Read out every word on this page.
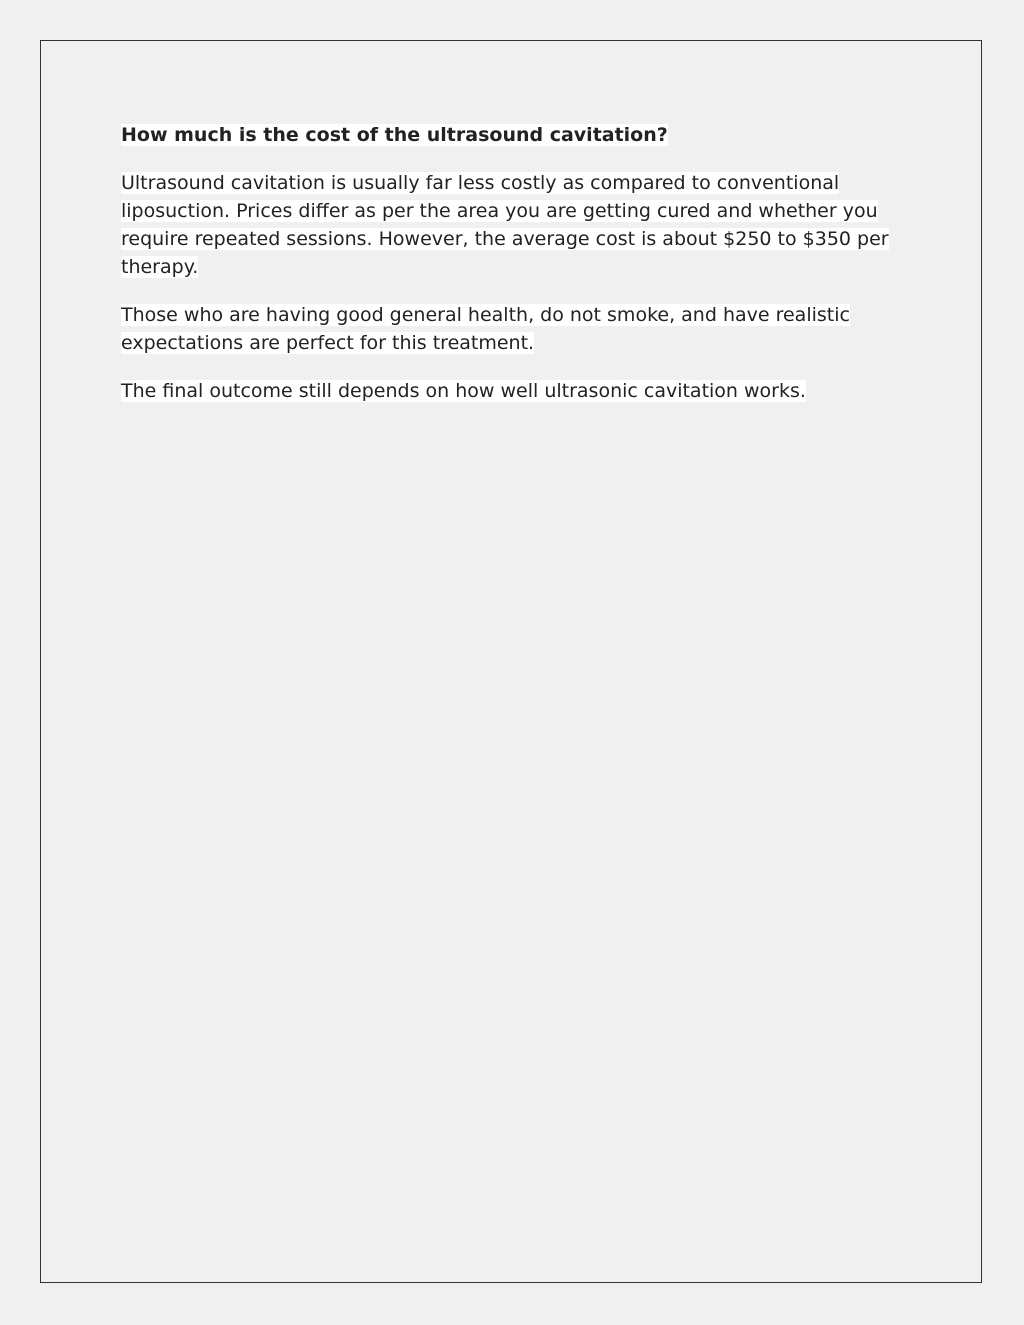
How much is the cost of the ultrasound cavitation?

Ultrasound cavitation is usually far less costly as compared to conventional liposuction. Prices differ as per the area you are getting cured and whether you require repeated sessions. However, the average cost is about $250 to $350 per therapy.

Those who are having good general health, do not smoke, and have realistic expectations are perfect for this treatment.

The final outcome still depends on how well ultrasonic cavitation works.
